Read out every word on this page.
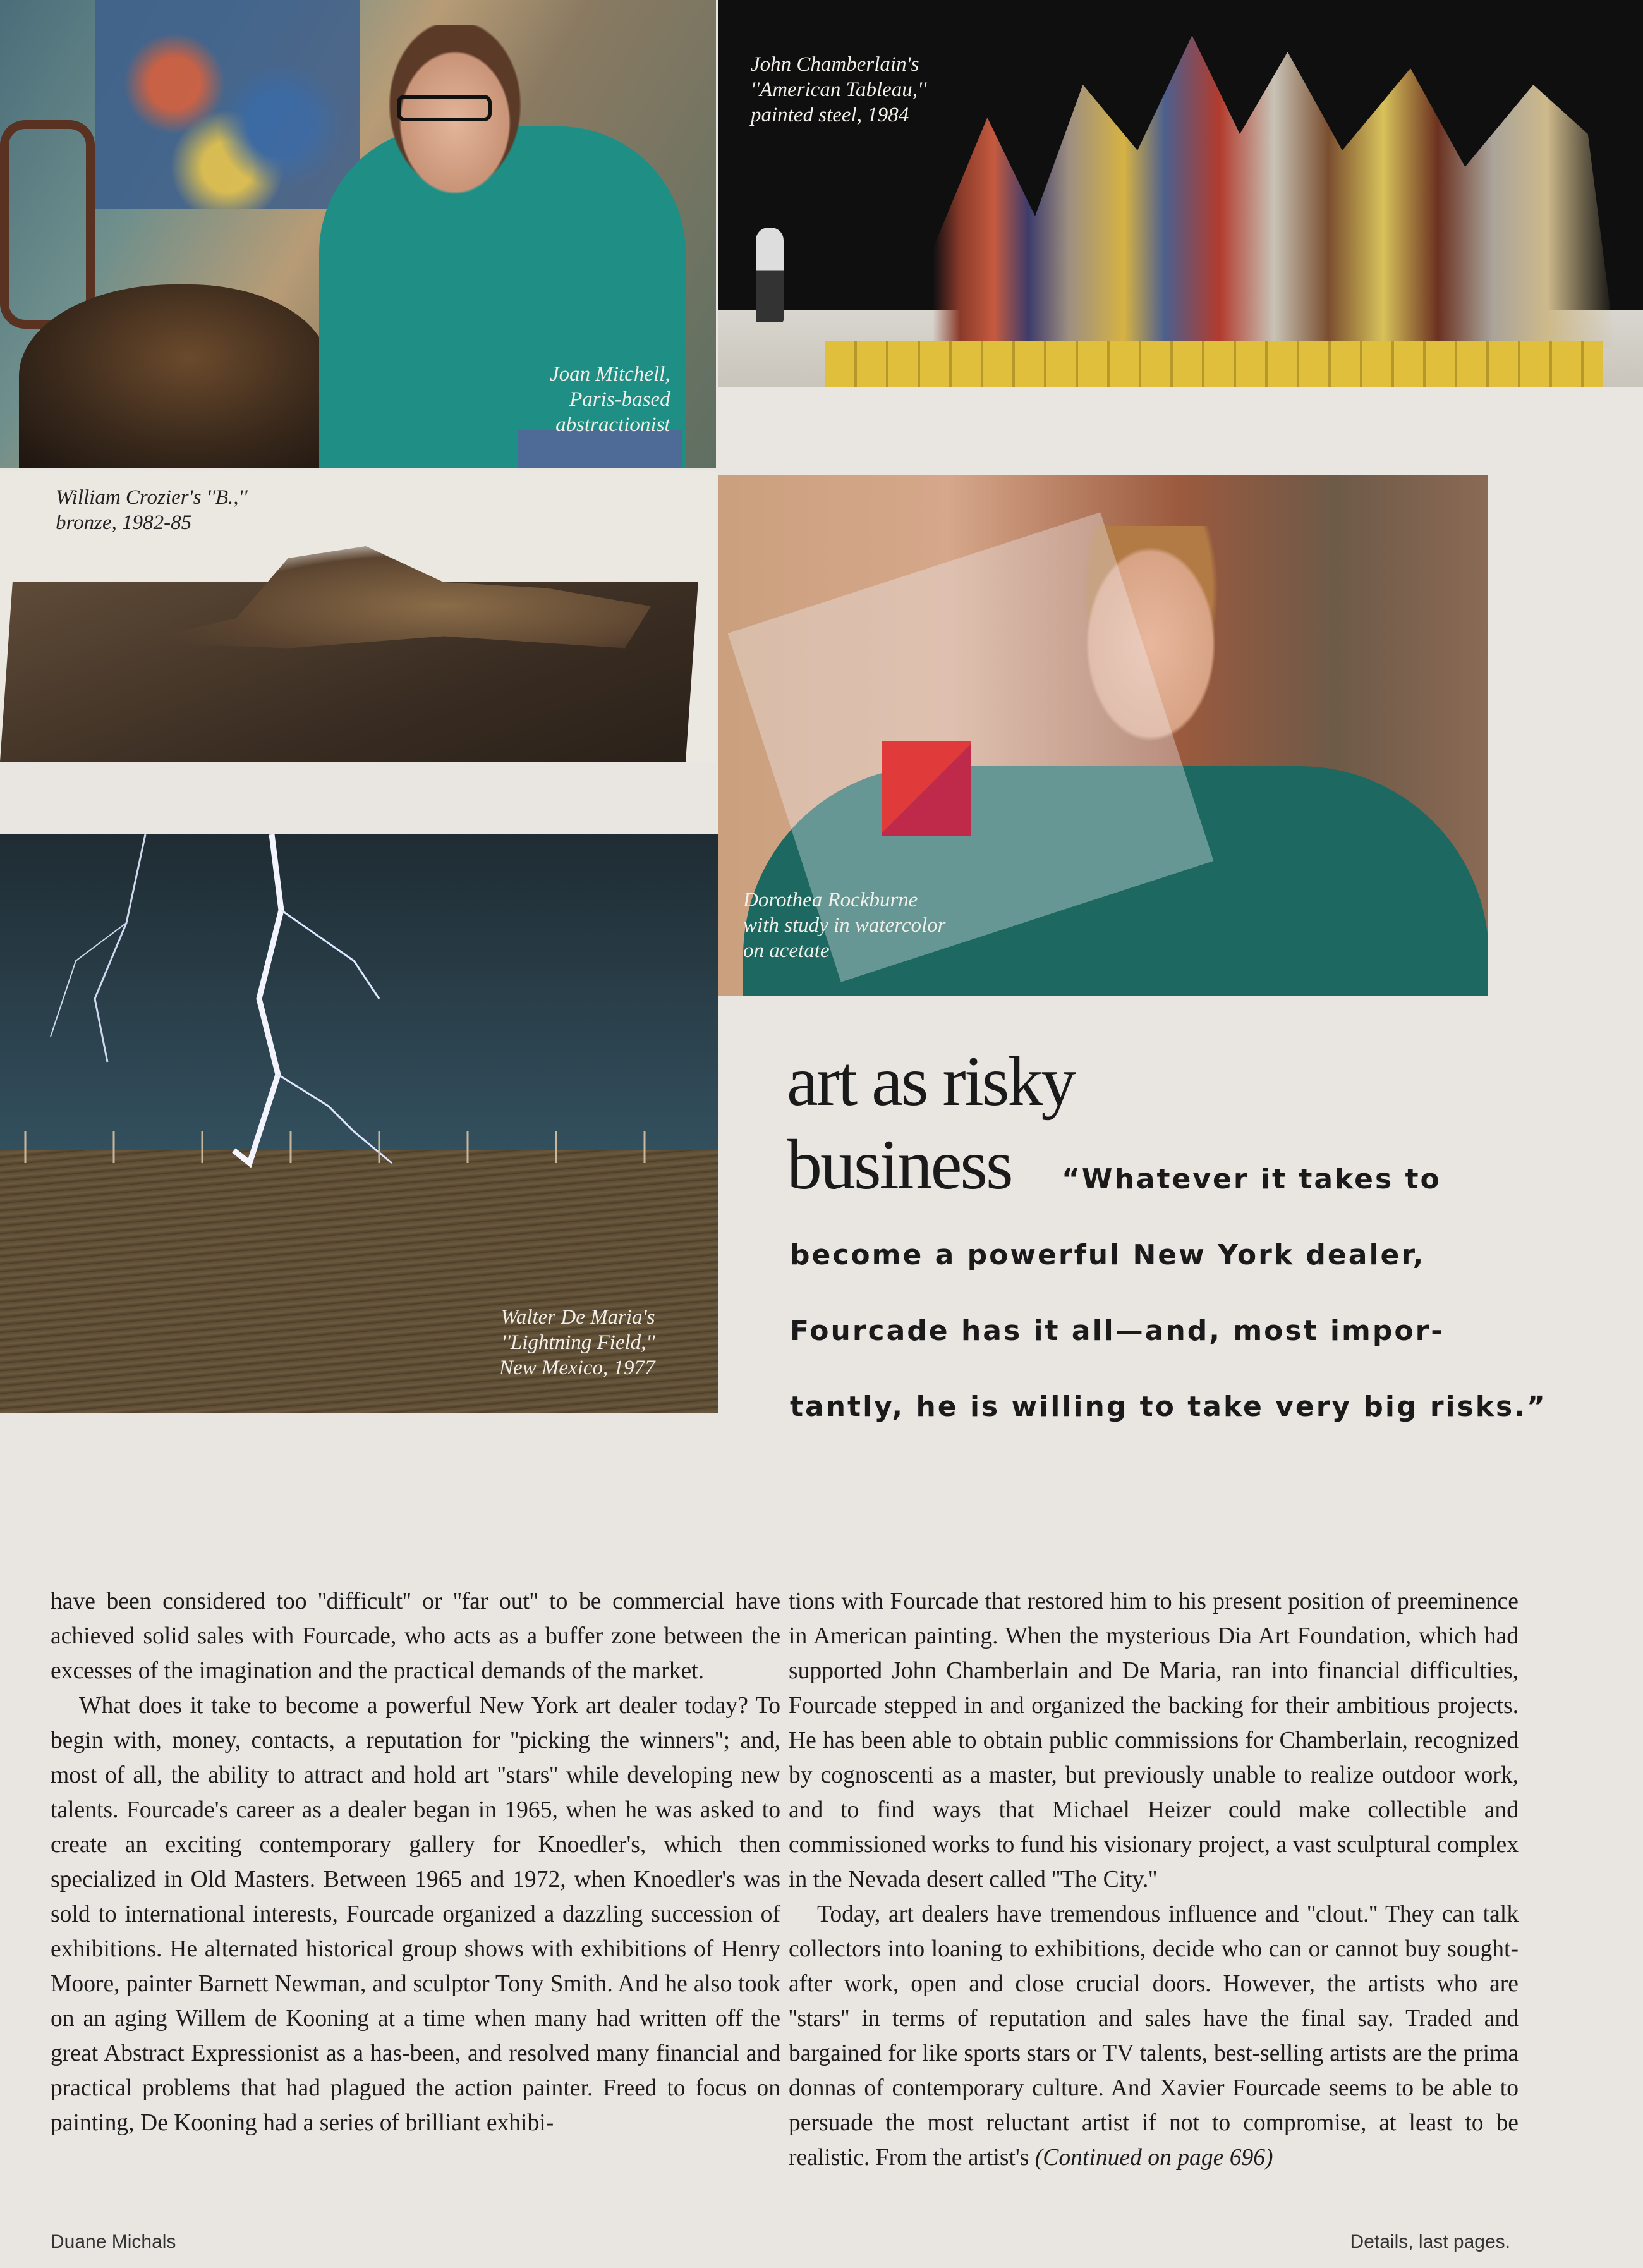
Joan Mitchell,
Paris-based
abstractionist
John Chamberlain's
''American Tableau,''
painted steel, 1984
William Crozier's ''B.,''
bronze, 1982-85
Dorothea Rockburne
with study in watercolor
on acetate
Walter De Maria's
''Lightning Field,''
New Mexico, 1977
art as risky
business “Whatever it takes to
become a powerful New York dealer,
Fourcade has it all—and, most impor-
tantly, he is willing to take very big risks.”

have been considered too ''difficult'' or ''far out'' to be commercial have achieved solid sales with Fourcade, who acts as a buffer zone between the excesses of the imagination and the practical demands of the market.

What does it take to become a powerful New York art dealer today? To begin with, money, contacts, a reputation for ''picking the winners''; and, most of all, the ability to attract and hold art ''stars'' while developing new talents. Fourcade's career as a dealer began in 1965, when he was asked to create an exciting contemporary gallery for Knoedler's, which then specialized in Old Masters. Between 1965 and 1972, when Knoedler's was sold to international interests, Fourcade organized a dazzling succession of exhibitions. He alternated historical group shows with exhibitions of Henry Moore, painter Barnett Newman, and sculptor Tony Smith. And he also took on an aging Willem de Kooning at a time when many had written off the great Abstract Expressionist as a has-been, and resolved many financial and practical problems that had plagued the action painter. Freed to focus on painting, De Kooning had a series of brilliant exhibi-

tions with Fourcade that restored him to his present position of preeminence in American painting. When the mysterious Dia Art Foundation, which had supported John Chamberlain and De Maria, ran into financial difficulties, Fourcade stepped in and organized the backing for their ambitious projects. He has been able to obtain public commissions for Chamberlain, recognized by cognoscenti as a master, but previously unable to realize outdoor work, and to find ways that Michael Heizer could make collectible and commissioned works to fund his visionary project, a vast sculptural complex in the Nevada desert called ''The City.''

Today, art dealers have tremendous influence and ''clout.'' They can talk collectors into loaning to exhibitions, decide who can or cannot buy sought-after work, open and close crucial doors. However, the artists who are ''stars'' in terms of reputation and sales have the final say. Traded and bargained for like sports stars or TV talents, best-selling artists are the prima donnas of contemporary culture. And Xavier Fourcade seems to be able to persuade the most reluctant artist if not to compromise, at least to be realistic. From the artist's (Continued on page 696)

Duane Michals	Details, last pages.
